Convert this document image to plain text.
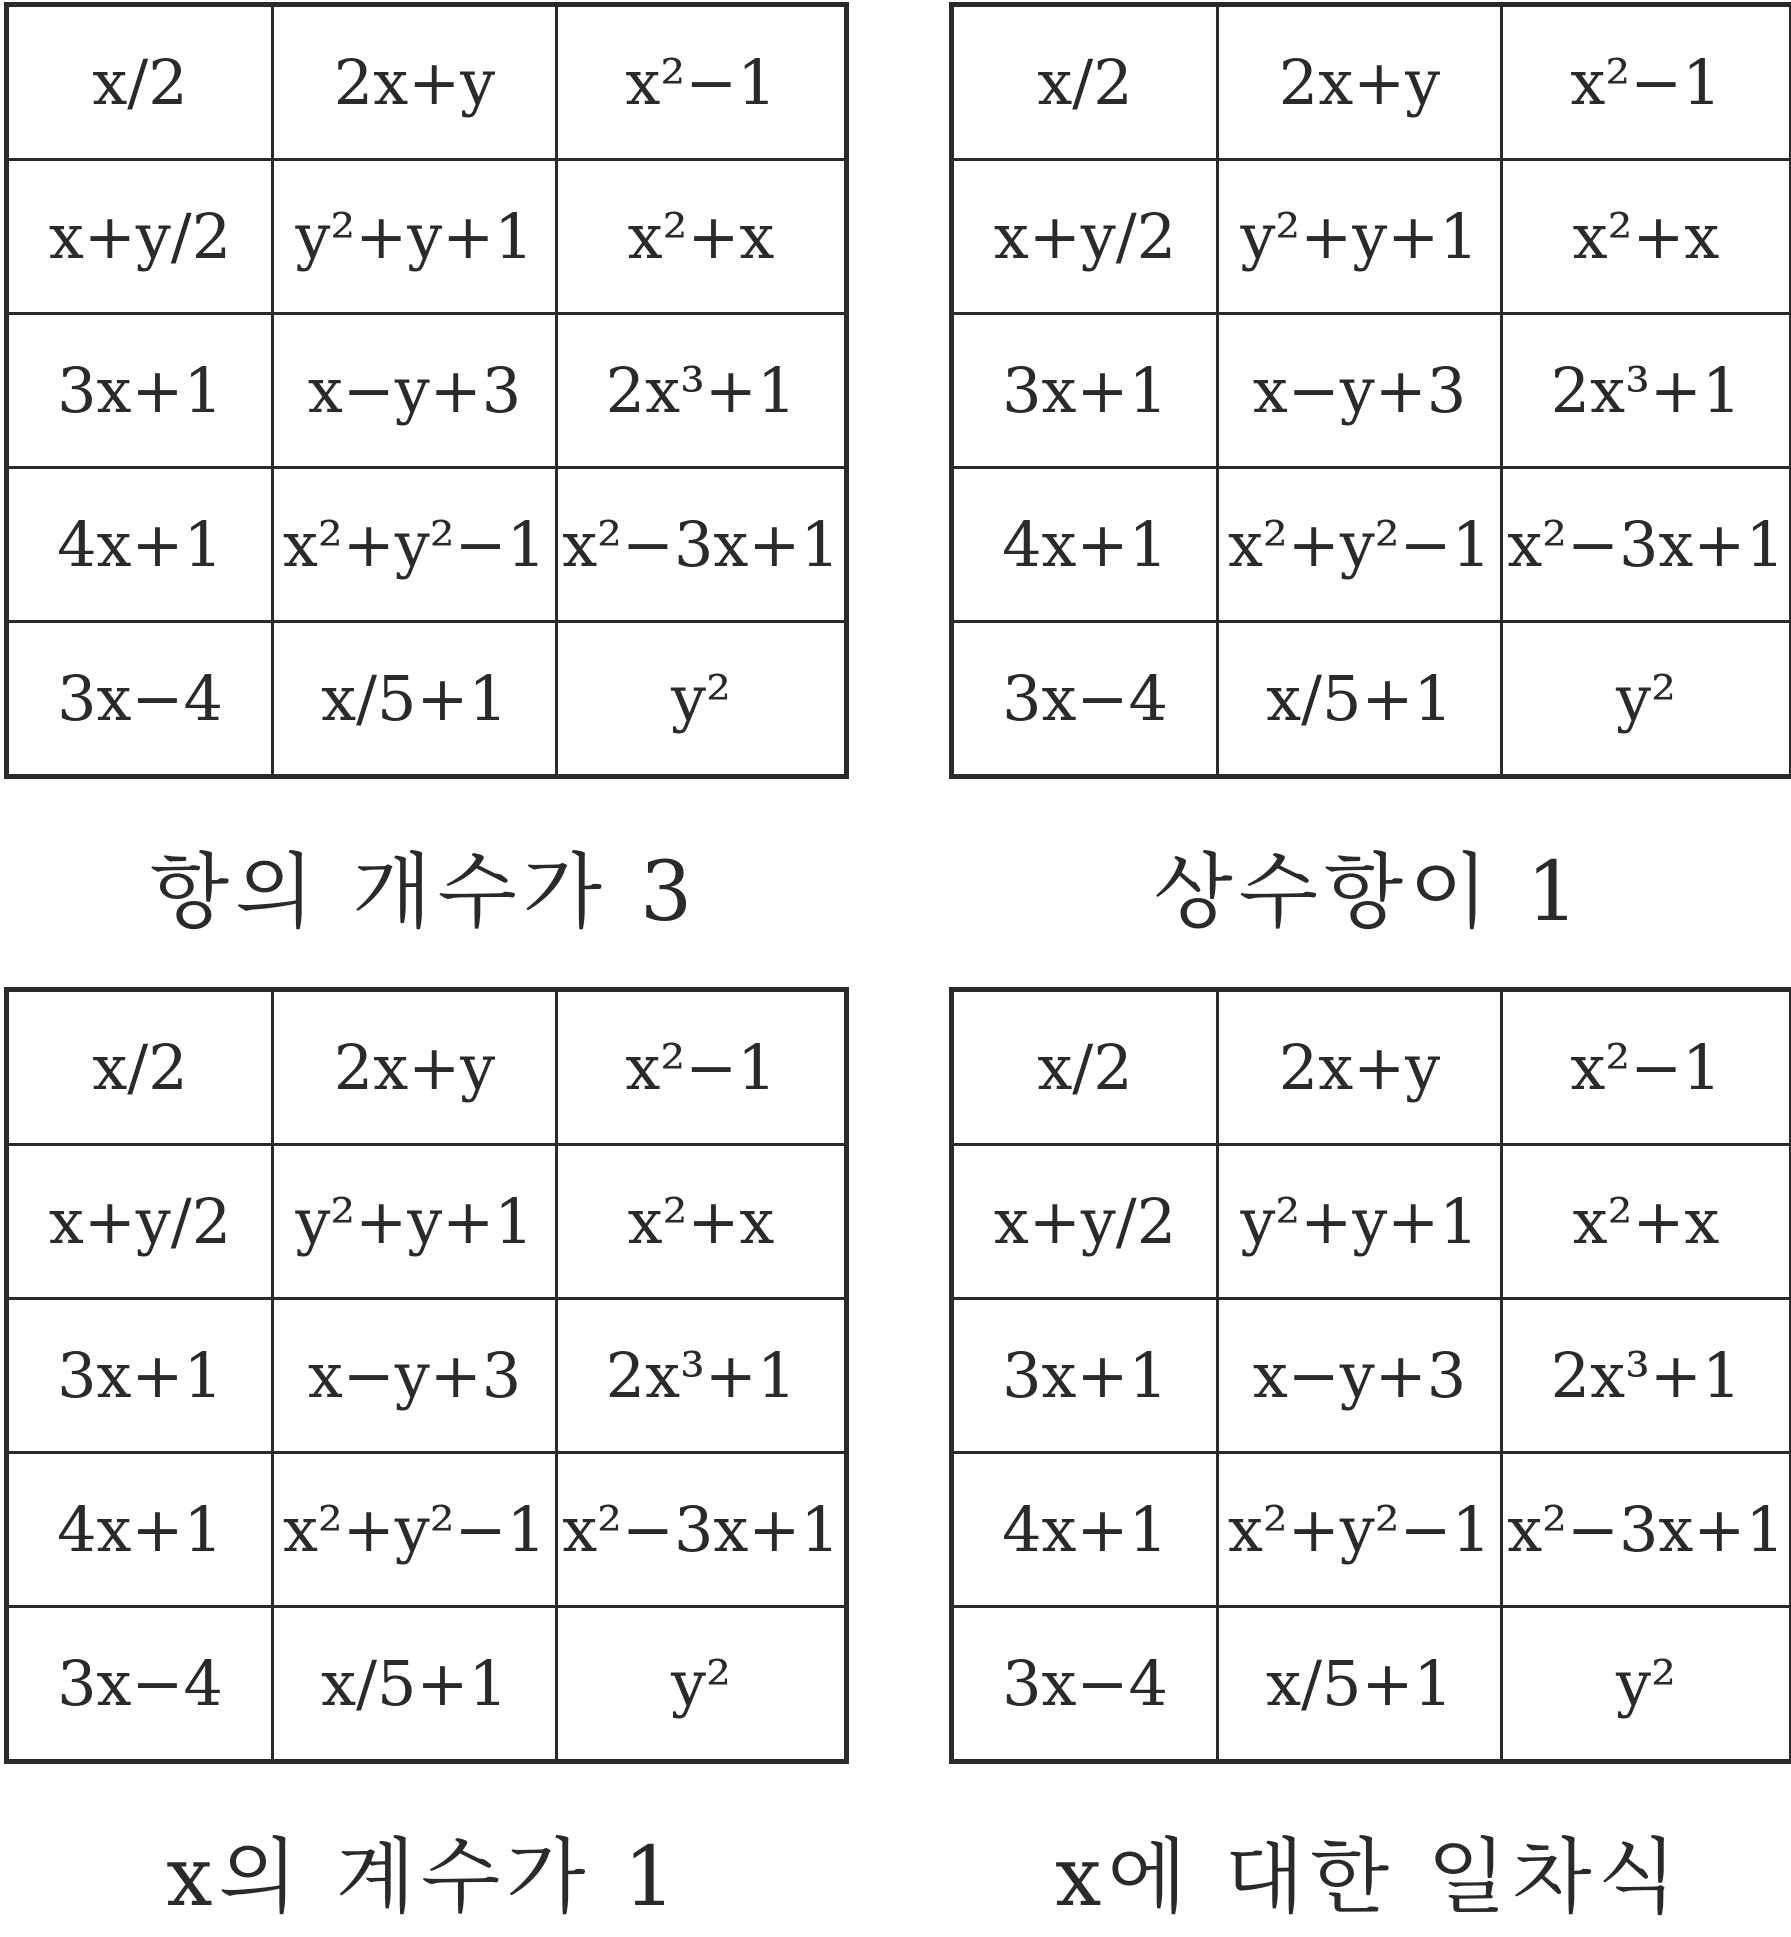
x/2	2x+y	x²−1
x+y/2	y²+y+1	x²+x
3x+1	x−y+3	2x³+1
4x+1	x²+y²−1	x²−3x+1
3x−4	x/5+1	y²
항의 개수가 3
x/2	2x+y	x²−1
x+y/2	y²+y+1	x²+x
3x+1	x−y+3	2x³+1
4x+1	x²+y²−1	x²−3x+1
3x−4	x/5+1	y²
상수항이 1
x/2	2x+y	x²−1
x+y/2	y²+y+1	x²+x
3x+1	x−y+3	2x³+1
4x+1	x²+y²−1	x²−3x+1
3x−4	x/5+1	y²
x의 계수가 1
x/2	2x+y	x²−1
x+y/2	y²+y+1	x²+x
3x+1	x−y+3	2x³+1
4x+1	x²+y²−1	x²−3x+1
3x−4	x/5+1	y²
x에 대한 일차식
